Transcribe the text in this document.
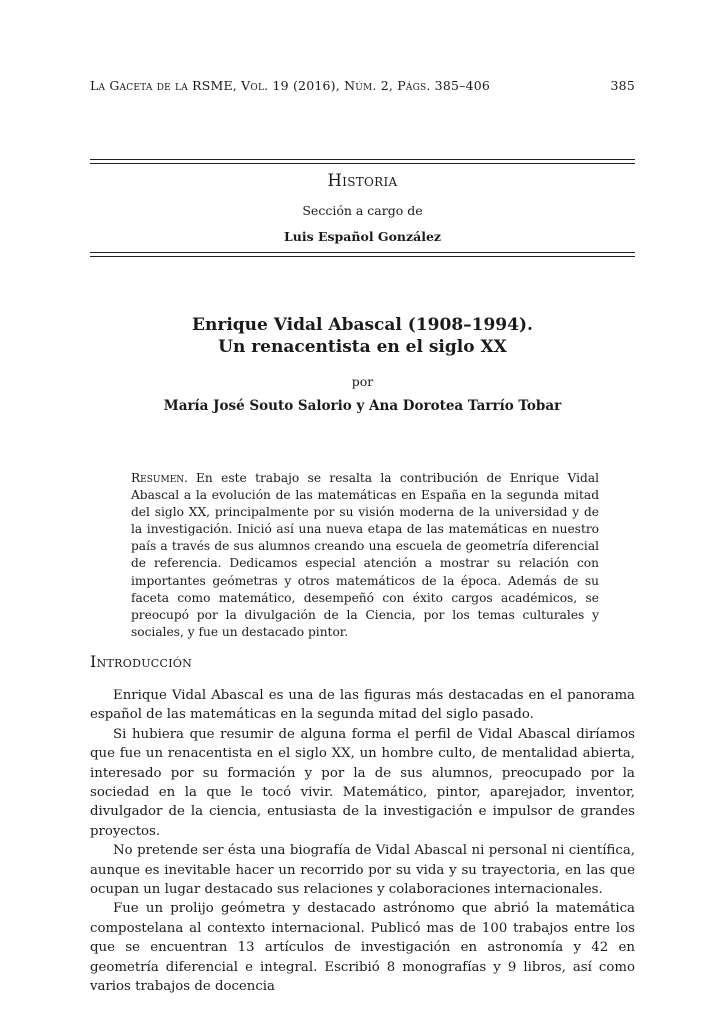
La Gaceta de la RSME, Vol. 19 (2016), Núm. 2, Págs. 385–406	385
Historia
Sección a cargo de
Luis Español González
Enrique Vidal Abascal (1908–1994).
Un renacentista en el siglo XX
por
María José Souto Salorio y Ana Dorotea Tarrío Tobar
Resumen. En este trabajo se resalta la contribución de Enrique Vidal Abascal a la evolución de las matemáticas en España en la segunda mitad del siglo XX, principalmente por su visión moderna de la universidad y de la investigación. Inició así una nueva etapa de las matemáticas en nuestro país a través de sus alumnos creando una escuela de geometría diferencial de referencia. Dedicamos especial atención a mostrar su relación con importantes geómetras y otros matemáticos de la época. Además de su faceta como matemático, desempeñó con éxito cargos académicos, se preocupó por la divulgación de la Ciencia, por los temas culturales y sociales, y fue un destacado pintor.
Introducción

Enrique Vidal Abascal es una de las figuras más destacadas en el panorama español de las matemáticas en la segunda mitad del siglo pasado.

Si hubiera que resumir de alguna forma el perfil de Vidal Abascal diríamos que fue un renacentista en el siglo XX, un hombre culto, de mentalidad abierta, interesado por su formación y por la de sus alumnos, preocupado por la sociedad en la que le tocó vivir. Matemático, pintor, aparejador, inventor, divulgador de la ciencia, entusiasta de la investigación e impulsor de grandes proyectos.

No pretende ser ésta una biografía de Vidal Abascal ni personal ni científica, aunque es inevitable hacer un recorrido por su vida y su trayectoria, en las que ocupan un lugar destacado sus relaciones y colaboraciones internacionales.

Fue un prolijo geómetra y destacado astrónomo que abrió la matemática compostelana al contexto internacional. Publicó mas de 100 trabajos entre los que se encuentran 13 artículos de investigación en astronomía y 42 en geometría diferencial e integral. Escribió 8 monografías y 9 libros, así como varios trabajos de docencia
